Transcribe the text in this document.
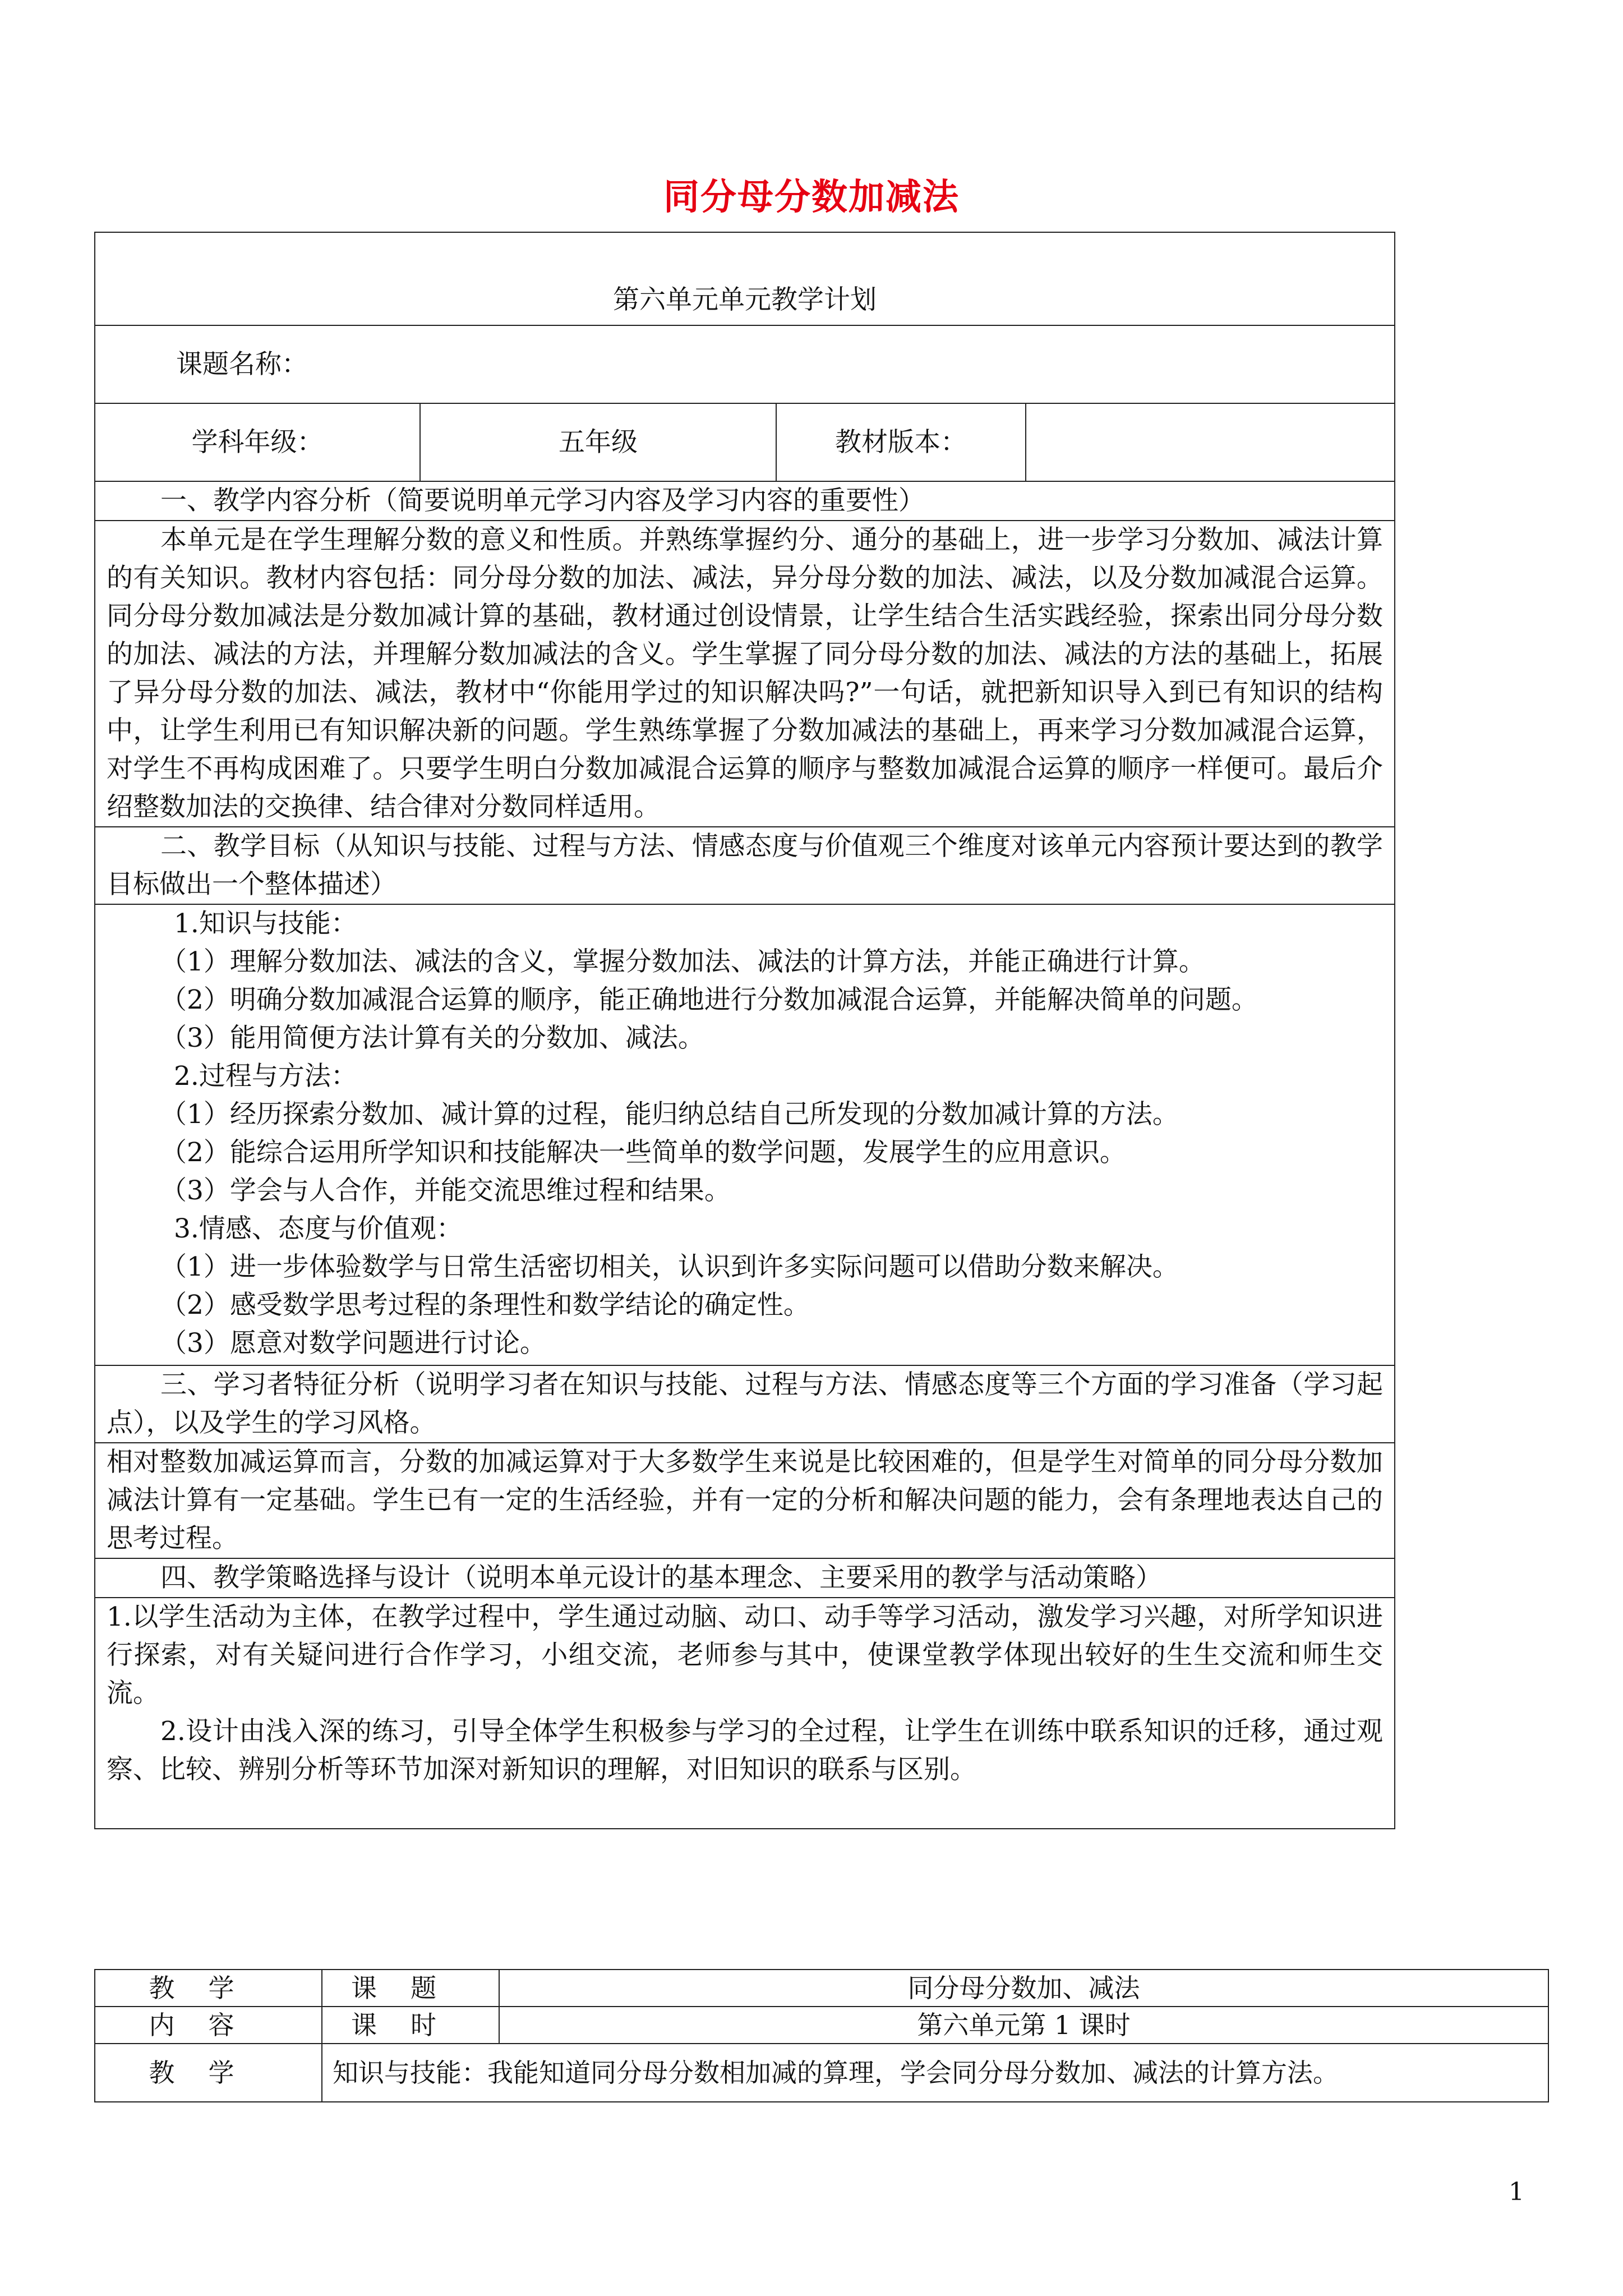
同分母分数加减法
第六单元单元教学计划
课题名称：
学科年级：	五年级	教材版本：	
一、教学内容分析（简要说明单元学习内容及学习内容的重要性）
本单元是在学生理解分数的意义和性质。并熟练掌握约分、通分的基础上，进一步学习分数加、减法计算的有关知识。教材内容包括：同分母分数的加法、减法，异分母分数的加法、减法，以及分数加减混合运算。同分母分数加减法是分数加减计算的基础，教材通过创设情景，让学生结合生活实践经验，探索出同分母分数的加法、减法的方法，并理解分数加减法的含义。学生掌握了同分母分数的加法、减法的方法的基础上，拓展了异分母分数的加法、减法，教材中“你能用学过的知识解决吗?”一句话，就把新知识导入到已有知识的结构中，让学生利用已有知识解决新的问题。学生熟练掌握了分数加减法的基础上，再来学习分数加减混合运算，对学生不再构成困难了。只要学生明白分数加减混合运算的顺序与整数加减混合运算的顺序一样便可。最后介绍整数加法的交换律、结合律对分数同样适用。
二、教学目标（从知识与技能、过程与方法、情感态度与价值观三个维度对该单元内容预计要达到的教学目标做出一个整体描述）

1.知识与技能：
（1）理解分数加法、减法的含义，掌握分数加法、减法的计算方法，并能正确进行计算。
（2）明确分数加减混合运算的顺序，能正确地进行分数加减混合运算，并能解决简单的问题。
（3）能用简便方法计算有关的分数加、减法。
2.过程与方法：
（1）经历探索分数加、减计算的过程，能归纳总结自己所发现的分数加减计算的方法。
（2）能综合运用所学知识和技能解决一些简单的数学问题，发展学生的应用意识。
（3）学会与人合作，并能交流思维过程和结果。
3.情感、态度与价值观：
（1）进一步体验数学与日常生活密切相关，认识到许多实际问题可以借助分数来解决。
（2）感受数学思考过程的条理性和数学结论的确定性。
（3）愿意对数学问题进行讨论。

三、学习者特征分析（说明学习者在知识与技能、过程与方法、情感态度等三个方面的学习准备（学习起点），以及学生的学习风格。
相对整数加减运算而言，分数的加减运算对于大多数学生来说是比较困难的，但是学生对简单的同分母分数加减法计算有一定基础。学生已有一定的生活经验，并有一定的分析和解决问题的能力，会有条理地表达自己的思考过程。
四、教学策略选择与设计（说明本单元设计的基本理念、主要采用的教学与活动策略）

1.以学生活动为主体，在教学过程中，学生通过动脑、动口、动手等学习活动，激发学习兴趣，对所学知识进行探索，对有关疑问进行合作学习，小组交流，老师参与其中，使课堂教学体现出较好的生生交流和师生交流。
2.设计由浅入深的练习，引导全体学生积极参与学习的全过程，让学生在训练中联系知识的迁移，通过观察、比较、辨别分析等环节加深对新知识的理解，对旧知识的联系与区别。
教学	课题	同分母分数加、减法
内容	课时	第六单元第 1 课时
教学	知识与技能：我能知道同分母分数相加减的算理，学会同分母分数加、减法的计算方法。	
1
